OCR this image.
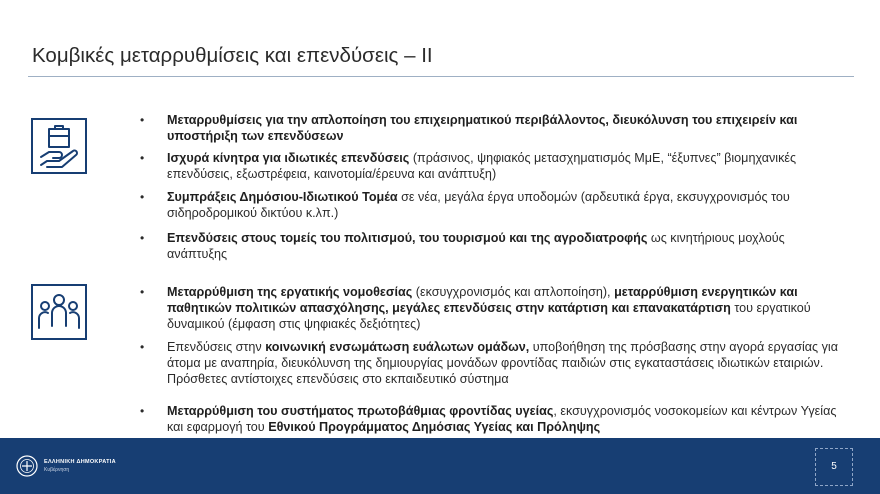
Κομβικές μεταρρυθμίσεις και επενδύσεις – ΙΙ
• Μεταρρυθμίσεις για την απλοποίηση του επιχειρηματικού περιβάλλοντος, διευκόλυνση του επιχειρείν και υποστήριξη των επενδύσεων
• Ισχυρά κίνητρα για ιδιωτικές επενδύσεις (πράσινος, ψηφιακός μετασχηματισμός ΜμΕ, “έξυπνες” βιομηχανικές επενδύσεις, εξωστρέφεια, καινοτομία/έρευνα και ανάπτυξη)
• Συμπράξεις Δημόσιου-Ιδιωτικού Τομέα σε νέα, μεγάλα έργα υποδομών (αρδευτικά έργα, εκσυγχρονισμός του σιδηροδρομικού δικτύου κ.λπ.)
• Επενδύσεις στους τομείς του πολιτισμού, του τουρισμού και της αγροδιατροφής ως κινητήριους μοχλούς ανάπτυξης
• Μεταρρύθμιση της εργατικής νομοθεσίας (εκσυγχρονισμός και απλοποίηση), μεταρρύθμιση ενεργητικών και παθητικών πολιτικών απασχόλησης, μεγάλες επενδύσεις στην κατάρτιση και επανακατάρτιση του εργατικού δυναμικού (έμφαση στις ψηφιακές δεξιότητες)
• Επενδύσεις στην κοινωνική ενσωμάτωση ευάλωτων ομάδων, υποβοήθηση της πρόσβασης στην αγορά εργασίας για άτομα με αναπηρία, διευκόλυνση της δημιουργίας μονάδων φροντίδας παιδιών στις εγκαταστάσεις ιδιωτικών εταιριών. Πρόσθετες αντίστοιχες επενδύσεις στο εκπαιδευτικό σύστημα
• Μεταρρύθμιση του συστήματος πρωτοβάθμιας φροντίδας υγείας, εκσυγχρονισμός νοσοκομείων και κέντρων Υγείας και εφαρμογή του Εθνικού Προγράμματος Δημόσιας Υγείας και Πρόληψης
ΕΛΛΗΝΙΚΗ ΔΗΜΟΚΡΑΤΙΑ
Κυβέρνηση	5
